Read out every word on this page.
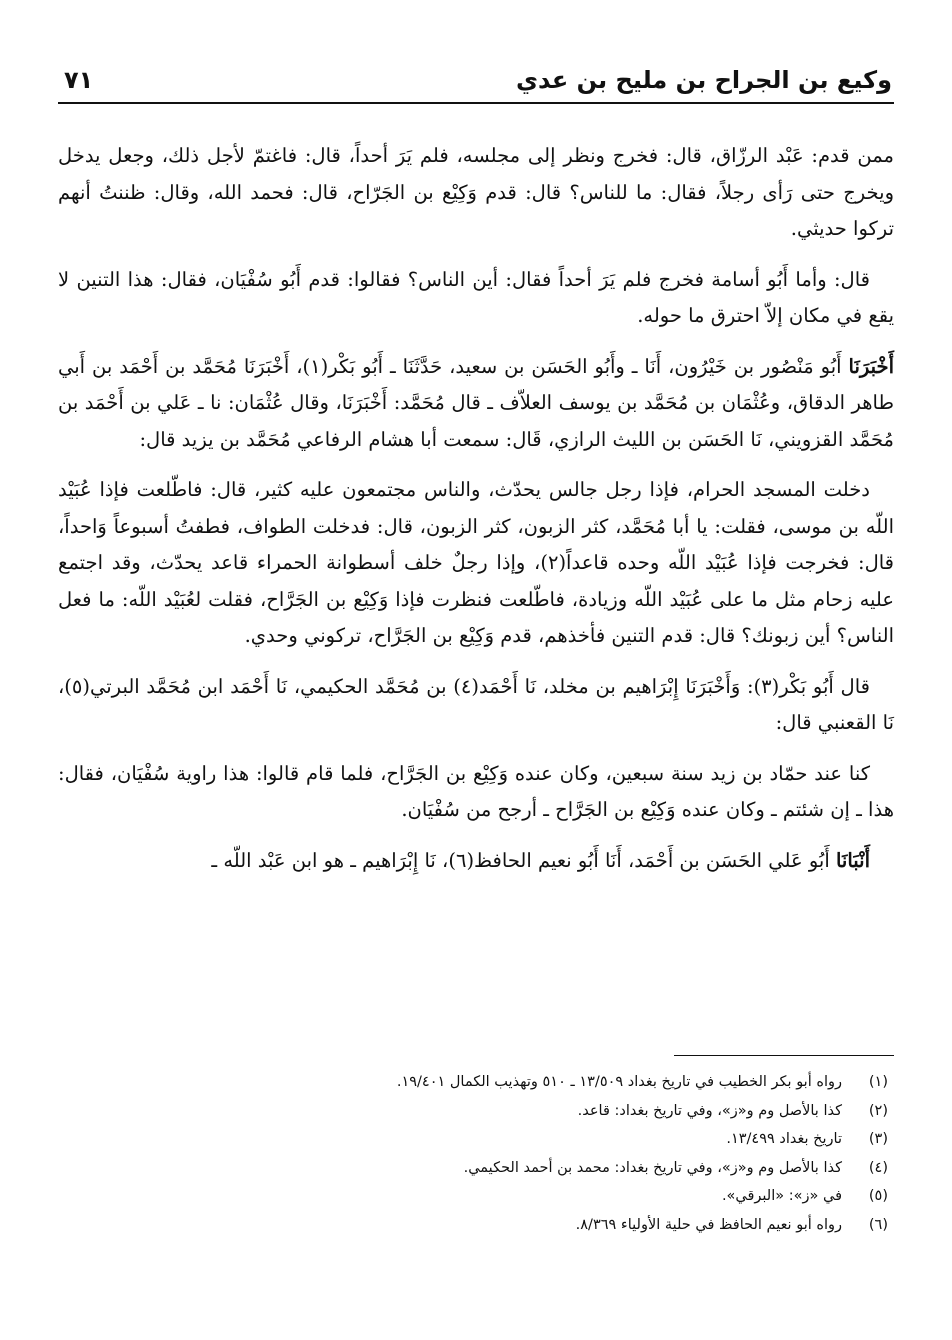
وكيع بن الجراح بن مليح بن عدي
٧١

ممن قدم: عَبْد الرزّاق، قال: فخرج ونظر إلى مجلسه، فلم يَرَ أحداً، قال: فاغتمّ لأجل ذلك، وجعل يدخل ويخرج حتى رَأى رجلاً، فقال: ما للناس؟ قال: قدم وَكِيْع بن الجَرّاح، قال: فحمد الله، وقال: ظننتُ أنهم تركوا حديثي.

قال: وأما أَبُو أسامة فخرج فلم يَرَ أحداً فقال: أين الناس؟ فقالوا: قدم أَبُو سُفْيَان، فقال: هذا التنين لا يقع في مكان إلاّ احترق ما حوله.

أَخْبَرَنَا أَبُو مَنْصُور بن خَيْرُون، أَنَا ـ وأَبُو الحَسَن بن سعيد، حَدَّثَنَا ـ أَبُو بَكْر(١)، أَخْبَرَنَا مُحَمَّد بن أَحْمَد بن أَبي طاهر الدقاق، وعُثْمَان بن مُحَمَّد بن يوسف العلاّف ـ قال مُحَمَّد: أَخْبَرَنَا، وقال عُثْمَان: نا ـ عَلي بن أَحْمَد بن مُحَمَّد القزويني، نَا الحَسَن بن الليث الرازي، قَال: سمعت أبا هشام الرفاعي مُحَمَّد بن يزيد قال:

دخلت المسجد الحرام، فإذا رجل جالس يحدّث، والناس مجتمعون عليه كثير، قال: فاطّلعت فإذا عُبَيْد اللّه بن موسى، فقلت: يا أبا مُحَمَّد، كثر الزبون، كثر الزبون، قال: فدخلت الطواف، فطفتُ أسبوعاً وَاحداً، قال: فخرجت فإذا عُبَيْد اللّه وحده قاعداً(٢)، وإذا رجلٌ خلف أسطوانة الحمراء قاعد يحدّث، وقد اجتمع عليه زحام مثل ما على عُبَيْد اللّه وزيادة، فاطّلعت فنظرت فإذا وَكِيْع بن الجَرَّاح، فقلت لعُبَيْد اللّه: ما فعل الناس؟ أين زبونك؟ قال: قدم التنين فأخذهم، قدم وَكِيْع بن الجَرَّاح، تركوني وحدي.

قال أَبُو بَكْر(٣): وَأَخْبَرَنَا إِبْرَاهيم بن مخلد، نَا أَحْمَد(٤) بن مُحَمَّد الحكيمي، نَا أَحْمَد ابن مُحَمَّد البرتي(٥)، نَا القعنبي قال:

كنا عند حمّاد بن زيد سنة سبعين، وكان عنده وَكِيْع بن الجَرَّاح، فلما قام قالوا: هذا راوية سُفْيَان، فقال: هذا ـ إن شئتم ـ وكان عنده وَكِيْع بن الجَرَّاح ـ أرجح من سُفْيَان.

أَنْبَانَا أَبُو عَلي الحَسَن بن أَحْمَد، أَنَا أَبُو نعيم الحافظ(٦)، نَا إِبْرَاهيم ـ هو ابن عَبْد اللّه ـ

(١)
رواه أبو بكر الخطيب في تاريخ بغداد ١٣/٥٠٩ ـ ٥١٠ وتهذيب الكمال ١٩/٤٠١.
(٢)
كذا بالأصل وم و«ز»، وفي تاريخ بغداد: قاعد.
(٣)
تاريخ بغداد ١٣/٤٩٩.
(٤)
كذا بالأصل وم و«ز»، وفي تاريخ بغداد: محمد بن أحمد الحكيمي.
(٥)
في «ز»: «البرقي».
(٦)
رواه أبو نعيم الحافظ في حلية الأولياء ٨/٣٦٩.
